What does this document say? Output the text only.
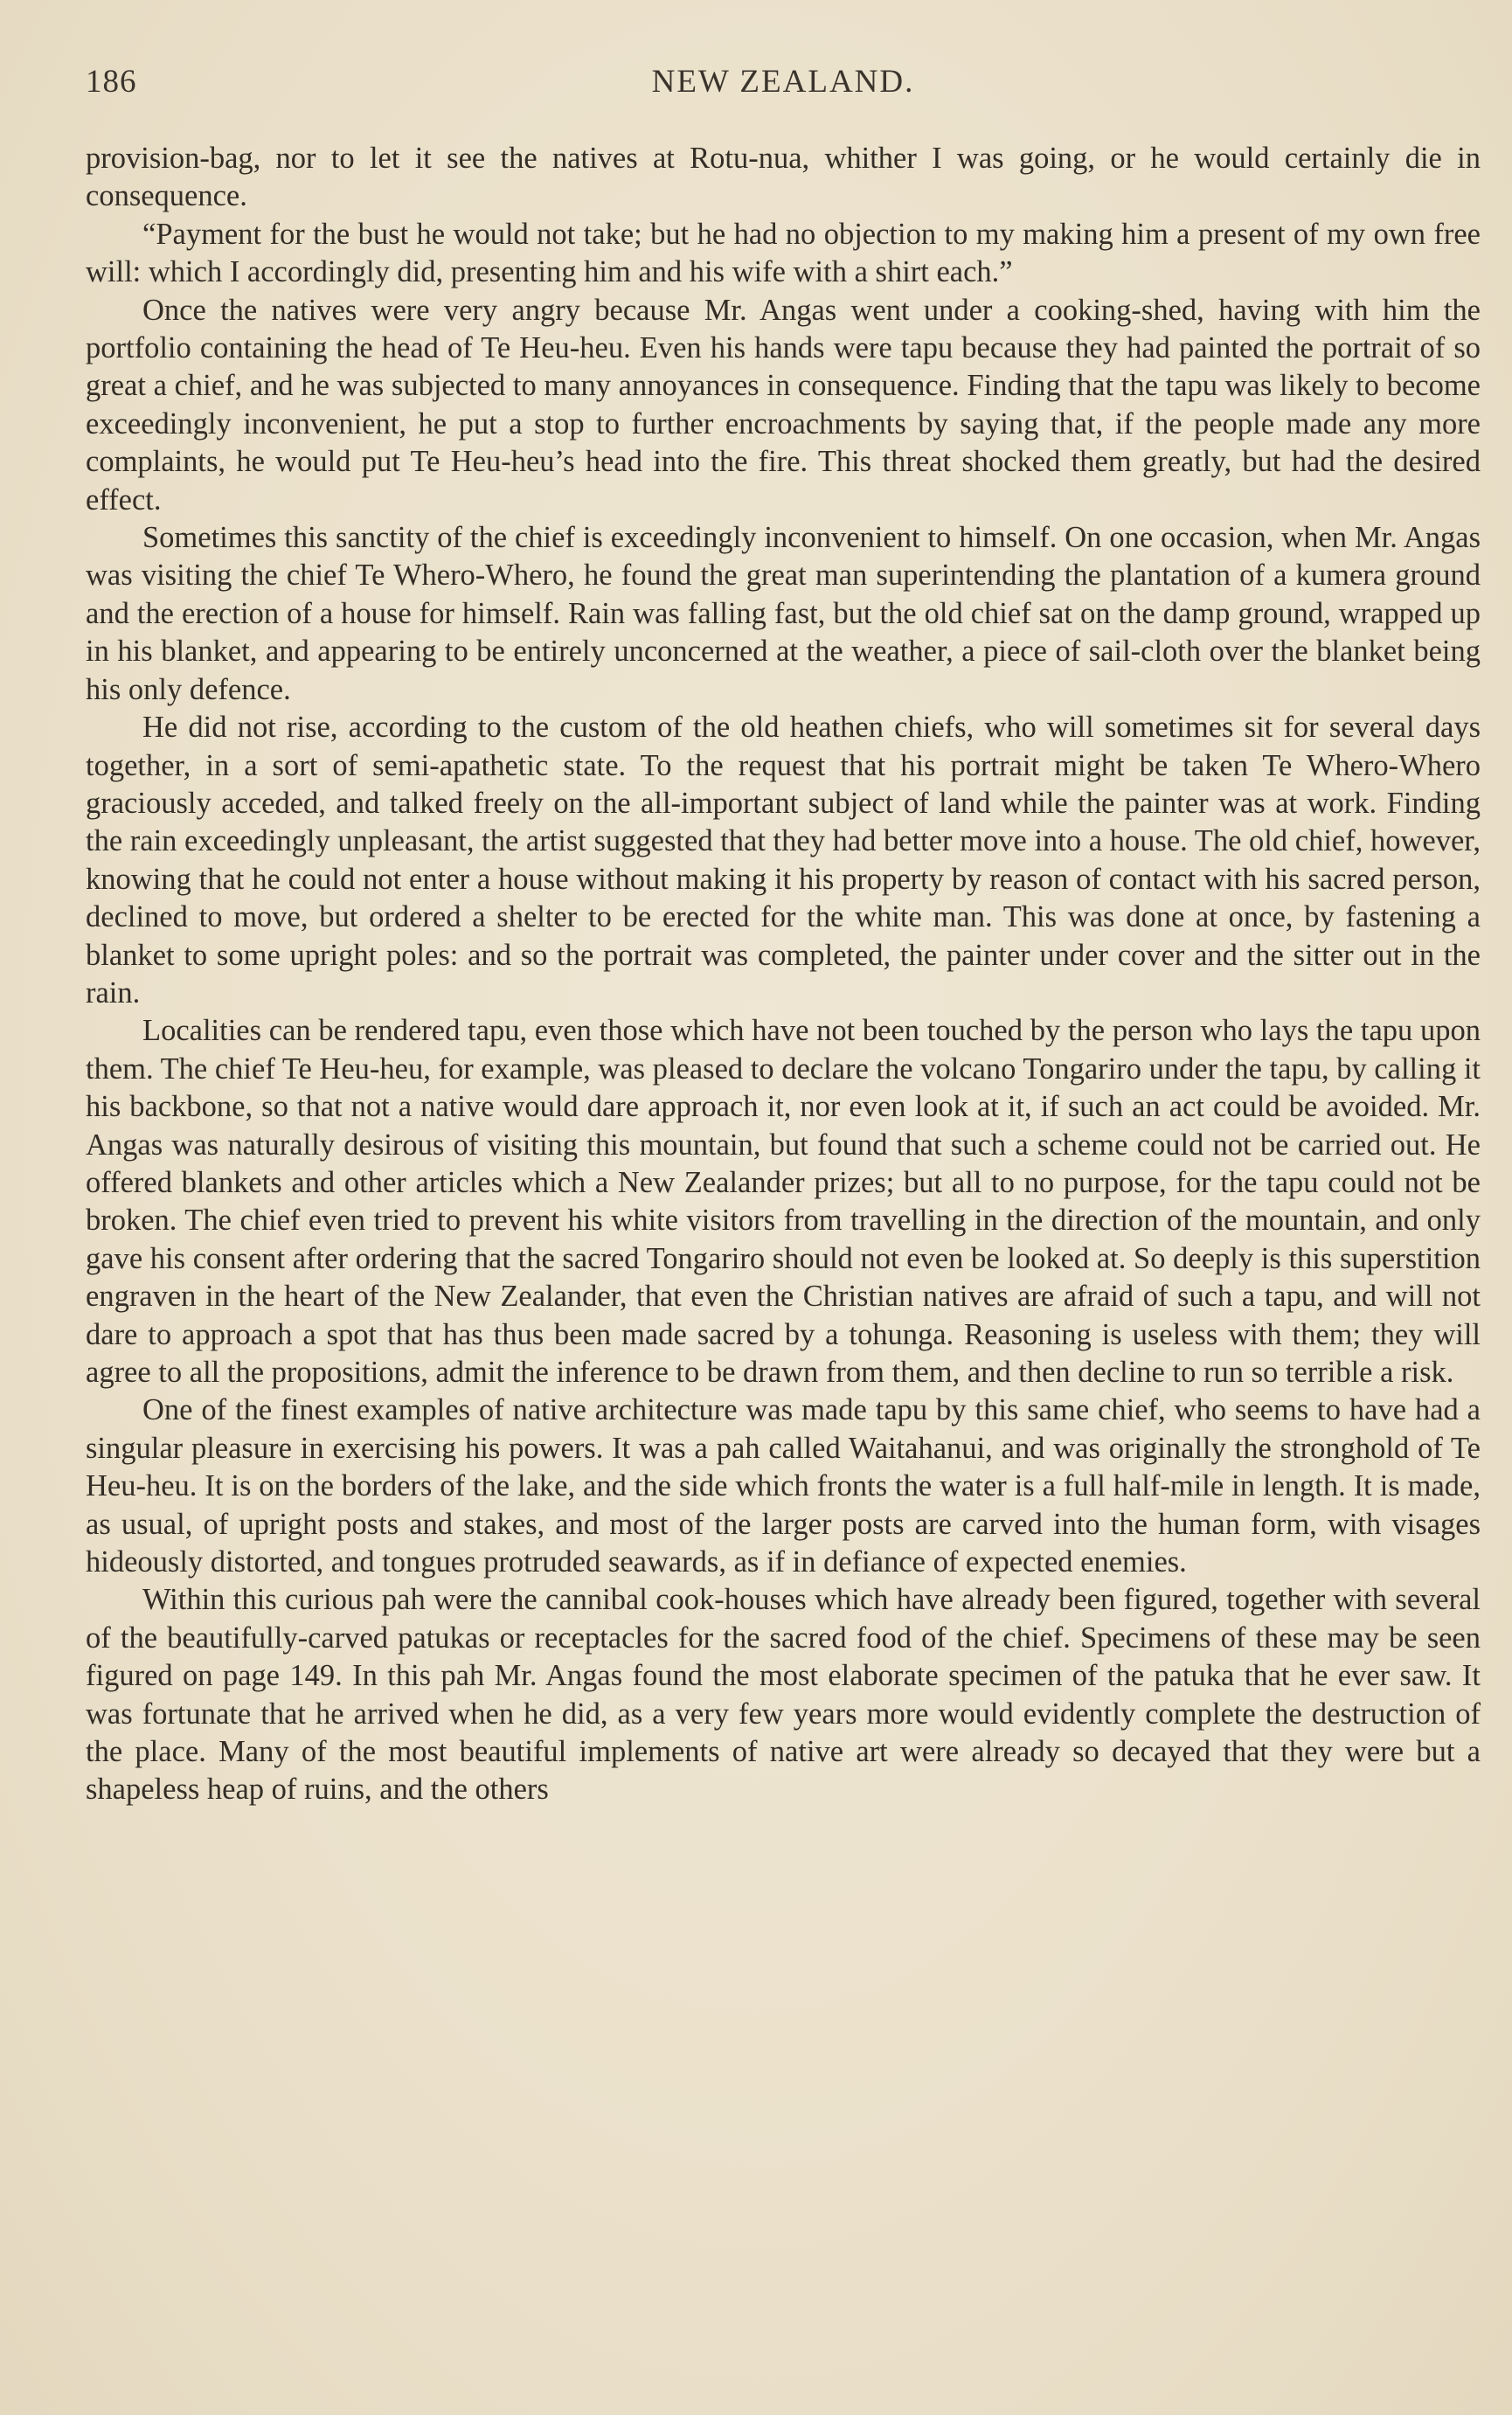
186	NEW ZEALAND.

provision-bag, nor to let it see the natives at Rotu-nua, whither I was going, or he would certainly die in consequence.

“Payment for the bust he would not take; but he had no objection to my making him a present of my own free will: which I accordingly did, presenting him and his wife with a shirt each.”

Once the natives were very angry because Mr. Angas went under a cooking-shed, having with him the portfolio containing the head of Te Heu-heu. Even his hands were tapu because they had painted the portrait of so great a chief, and he was subjected to many annoyances in consequence. Finding that the tapu was likely to become exceedingly inconvenient, he put a stop to further encroachments by saying that, if the people made any more complaints, he would put Te Heu-heu’s head into the fire. This threat shocked them greatly, but had the desired effect.

Sometimes this sanctity of the chief is exceedingly inconvenient to himself. On one occasion, when Mr. Angas was visiting the chief Te Whero-Whero, he found the great man superintending the plantation of a kumera ground and the erection of a house for himself. Rain was falling fast, but the old chief sat on the damp ground, wrapped up in his blanket, and appearing to be entirely unconcerned at the weather, a piece of sail-cloth over the blanket being his only defence.

He did not rise, according to the custom of the old heathen chiefs, who will sometimes sit for several days together, in a sort of semi-apathetic state. To the request that his portrait might be taken Te Whero-Whero graciously acceded, and talked freely on the all-important subject of land while the painter was at work. Finding the rain exceedingly unpleasant, the artist suggested that they had better move into a house. The old chief, however, knowing that he could not enter a house without making it his property by reason of contact with his sacred person, declined to move, but ordered a shelter to be erected for the white man. This was done at once, by fastening a blanket to some upright poles: and so the portrait was completed, the painter under cover and the sitter out in the rain.

Localities can be rendered tapu, even those which have not been touched by the person who lays the tapu upon them. The chief Te Heu-heu, for example, was pleased to declare the volcano Tongariro under the tapu, by calling it his backbone, so that not a native would dare approach it, nor even look at it, if such an act could be avoided. Mr. Angas was naturally desirous of visiting this mountain, but found that such a scheme could not be carried out. He offered blankets and other articles which a New Zealander prizes; but all to no purpose, for the tapu could not be broken. The chief even tried to prevent his white visitors from travelling in the direction of the mountain, and only gave his consent after ordering that the sacred Tongariro should not even be looked at. So deeply is this superstition engraven in the heart of the New Zealander, that even the Christian natives are afraid of such a tapu, and will not dare to approach a spot that has thus been made sacred by a tohunga. Reasoning is useless with them; they will agree to all the propositions, admit the inference to be drawn from them, and then decline to run so terrible a risk.

One of the finest examples of native architecture was made tapu by this same chief, who seems to have had a singular pleasure in exercising his powers. It was a pah called Waitahanui, and was originally the stronghold of Te Heu-heu. It is on the borders of the lake, and the side which fronts the water is a full half-mile in length. It is made, as usual, of upright posts and stakes, and most of the larger posts are carved into the human form, with visages hideously distorted, and tongues protruded seawards, as if in defiance of expected enemies.

Within this curious pah were the cannibal cook-houses which have already been figured, together with several of the beautifully-carved patukas or receptacles for the sacred food of the chief. Specimens of these may be seen figured on page 149. In this pah Mr. Angas found the most elaborate specimen of the patuka that he ever saw. It was fortunate that he arrived when he did, as a very few years more would evidently complete the destruction of the place. Many of the most beautiful implements of native art were already so decayed that they were but a shapeless heap of ruins, and the others
